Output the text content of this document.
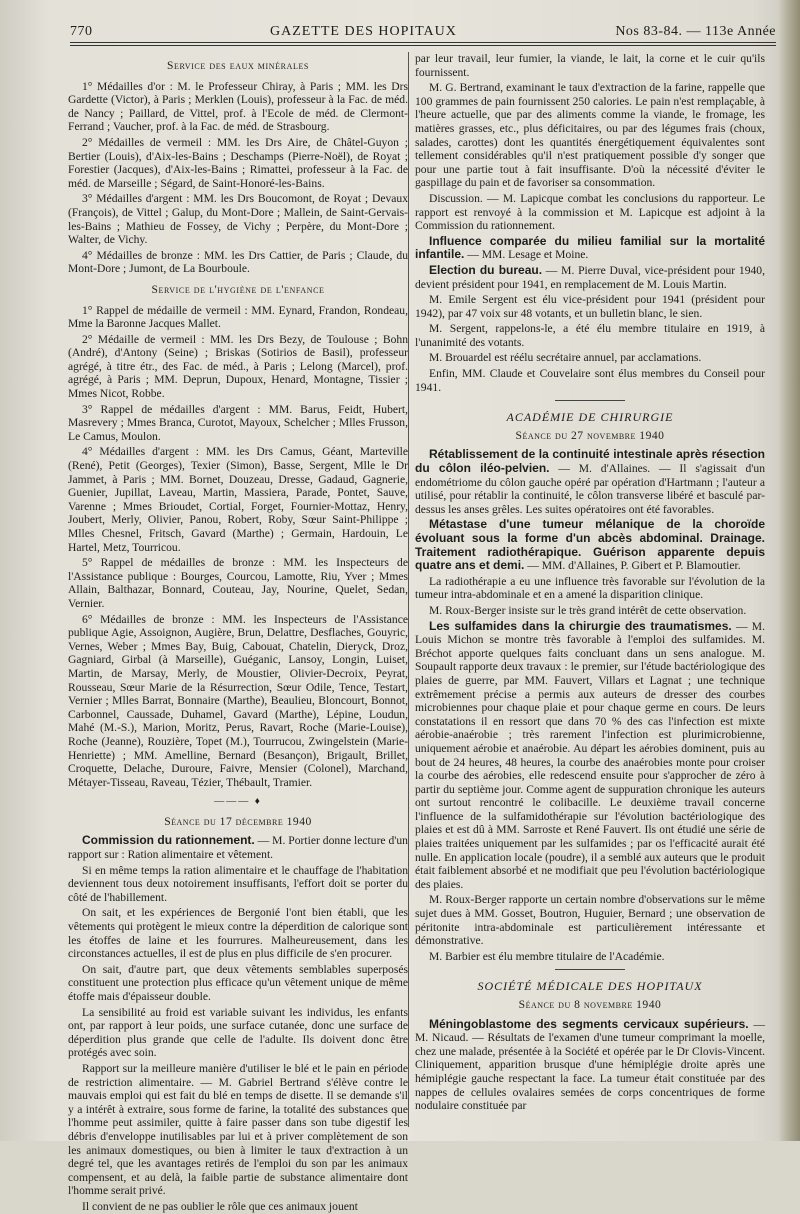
770	GAZETTE DES HOPITAUX	Nos 83-84. — 113e Année
Service des eaux minérales

1° Médailles d'or : M. le Professeur Chiray, à Paris ; MM. les Drs Gardette (Victor), à Paris ; Merklen (Louis), professeur à la Fac. de méd. de Nancy ; Paillard, de Vittel, prof. à l'Ecole de méd. de Clermont-Ferrand ; Vaucher, prof. à la Fac. de méd. de Strasbourg.

2° Médailles de vermeil : MM. les Drs Aire, de Châtel-Guyon ; Bertier (Louis), d'Aix-les-Bains ; Deschamps (Pierre-Noël), de Royat ; Forestier (Jacques), d'Aix-les-Bains ; Rimattei, professeur à la Fac. de méd. de Marseille ; Ségard, de Saint-Honoré-les-Bains.

3° Médailles d'argent : MM. les Drs Boucomont, de Royat ; Devaux (François), de Vittel ; Galup, du Mont-Dore ; Mallein, de Saint-Gervais-les-Bains ; Mathieu de Fossey, de Vichy ; Perpère, du Mont-Dore ; Walter, de Vichy.

4° Médailles de bronze : MM. les Drs Cattier, de Paris ; Claude, du Mont-Dore ; Jumont, de La Bourboule.

Service de l'hygiène de l'enfance

1° Rappel de médaille de vermeil : MM. Eynard, Frandon, Rondeau, Mme la Baronne Jacques Mallet.

2° Médaille de vermeil : MM. les Drs Bezy, de Toulouse ; Bohn (André), d'Antony (Seine) ; Briskas (Sotirios de Basil), professeur agrégé, à titre étr., des Fac. de méd., à Paris ; Lelong (Marcel), prof. agrégé, à Paris ; MM. Deprun, Dupoux, Henard, Montagne, Tissier ; Mmes Nicot, Robbe.

3° Rappel de médailles d'argent : MM. Barus, Feidt, Hubert, Masrevery ; Mmes Branca, Curotot, Mayoux, Schelcher ; Mlles Frusson, Le Camus, Moulon.

4° Médailles d'argent : MM. les Drs Camus, Géant, Marteville (René), Petit (Georges), Texier (Simon), Basse, Sergent, Mlle le Dr Jammet, à Paris ; MM. Bornet, Douzeau, Dresse, Gadaud, Gagnerie, Guenier, Jupillat, Laveau, Martin, Massiera, Parade, Pontet, Sauve, Varenne ; Mmes Brioudet, Cortial, Forget, Fournier-Mottaz, Henry, Joubert, Merly, Olivier, Panou, Robert, Roby, Sœur Saint-Philippe ; Mlles Chesnel, Fritsch, Gavard (Marthe) ; Germain, Hardouin, Le Hartel, Metz, Tourricou.

5° Rappel de médailles de bronze : MM. les Inspecteurs de l'Assistance publique : Bourges, Courcou, Lamotte, Riu, Yver ; Mmes Allain, Balthazar, Bonnard, Couteau, Jay, Nourine, Quelet, Sedan, Vernier.

6° Médailles de bronze : MM. les Inspecteurs de l'Assistance publique Agie, Assoignon, Augière, Brun, Delattre, Desflaches, Gouyric, Vernes, Weber ; Mmes Bay, Buig, Cabouat, Chatelin, Dieryck, Droz, Gagniard, Girbal (à Marseille), Guéganic, Lansoy, Longin, Luiset, Martin, de Marsay, Merly, de Moustier, Olivier-Decroix, Peyrat, Rousseau, Sœur Marie de la Résurrection, Sœur Odile, Tence, Testart, Vernier ; Mlles Barrat, Bonnaire (Marthe), Beaulieu, Bloncourt, Bonnot, Carbonnel, Caussade, Duhamel, Gavard (Marthe), Lépine, Loudun, Mahé (M.-S.), Marion, Moritz, Perus, Ravart, Roche (Marie-Louise), Roche (Jeanne), Rouzière, Topet (M.), Tourrucou, Zwingelstein (Marie-Henriette) ; MM. Amelline, Bernard (Besançon), Brigault, Brillet, Croquette, Delache, Duroure, Faivre, Mensier (Colonel), Marchand, Métayer-Tisseau, Raveau, Tézier, Thébault, Tramier.

——— ♦
Séance du 17 décembre 1940

Commission du rationnement. — M. Portier donne lecture d'un rapport sur : Ration alimentaire et vêtement.

Si en même temps la ration alimentaire et le chauffage de l'habitation deviennent tous deux notoirement insuffisants, l'effort doit se porter du côté de l'habillement.

On sait, et les expériences de Bergonié l'ont bien établi, que les vêtements qui protègent le mieux contre la déperdition de calorique sont les étoffes de laine et les fourrures. Malheureusement, dans les circonstances actuelles, il est de plus en plus difficile de s'en procurer.

On sait, d'autre part, que deux vêtements semblables superposés constituent une protection plus efficace qu'un vêtement unique de même étoffe mais d'épaisseur double.

La sensibilité au froid est variable suivant les individus, les enfants ont, par rapport à leur poids, une surface cutanée, donc une surface de déperdition plus grande que celle de l'adulte. Ils doivent donc être protégés avec soin.

Rapport sur la meilleure manière d'utiliser le blé et le pain en période de restriction alimentaire. — M. Gabriel Bertrand s'élève contre le mauvais emploi qui est fait du blé en temps de disette. Il se demande s'il y a intérêt à extraire, sous forme de farine, la totalité des substances que l'homme peut assimiler, quitte à faire passer dans son tube digestif les débris d'enveloppe inutilisables par lui et à priver complètement de son les animaux domestiques, ou bien à limiter le taux d'extraction à un degré tel, que les avantages retirés de l'emploi du son par les animaux compensent, et au delà, la faible partie de substance alimentaire dont l'homme serait privé.

Il convient de ne pas oublier le rôle que ces animaux jouent

par leur travail, leur fumier, la viande, le lait, la corne et le cuir qu'ils fournissent.

M. G. Bertrand, examinant le taux d'extraction de la farine, rappelle que 100 grammes de pain fournissent 250 calories. Le pain n'est remplaçable, à l'heure actuelle, que par des aliments comme la viande, le fromage, les matières grasses, etc., plus déficitaires, ou par des légumes frais (choux, salades, carottes) dont les quantités énergétiquement équivalentes sont tellement considérables qu'il n'est pratiquement possible d'y songer que pour une partie tout à fait insuffisante. D'où la nécessité d'éviter le gaspillage du pain et de favoriser sa consommation.

Discussion. — M. Lapicque combat les conclusions du rapporteur. Le rapport est renvoyé à la commission et M. Lapicque est adjoint à la Commission du rationnement.

Influence comparée du milieu familial sur la mortalité infantile. — MM. Lesage et Moine.

Election du bureau. — M. Pierre Duval, vice-président pour 1940, devient président pour 1941, en remplacement de M. Louis Martin.

M. Emile Sergent est élu vice-président pour 1941 (président pour 1942), par 47 voix sur 48 votants, et un bulletin blanc, le sien.

M. Sergent, rappelons-le, a été élu membre titulaire en 1919, à l'unanimité des votants.

M. Brouardel est réélu secrétaire annuel, par acclamations.

Enfin, MM. Claude et Couvelaire sont élus membres du Conseil pour 1941.

ACADÉMIE DE CHIRURGIE
Séance du 27 novembre 1940

Rétablissement de la continuité intestinale après résection du côlon iléo-pelvien. — M. d'Allaines. — Il s'agissait d'un endométriome du côlon gauche opéré par opération d'Hartmann ; l'auteur a utilisé, pour rétablir la continuité, le côlon transverse libéré et basculé par-dessus les anses grêles. Les suites opératoires ont été favorables.

Métastase d'une tumeur mélanique de la choroïde évoluant sous la forme d'un abcès abdominal. Drainage. Traitement radiothérapique. Guérison apparente depuis quatre ans et demi. — MM. d'Allaines, P. Gibert et P. Blamoutier.

La radiothérapie a eu une influence très favorable sur l'évolution de la tumeur intra-abdominale et en a amené la disparition clinique.

M. Roux-Berger insiste sur le très grand intérêt de cette observation.

Les sulfamides dans la chirurgie des traumatismes. — M. Louis Michon se montre très favorable à l'emploi des sulfamides. M. Bréchot apporte quelques faits concluant dans un sens analogue. M. Soupault rapporte deux travaux : le premier, sur l'étude bactériologique des plaies de guerre, par MM. Fauvert, Villars et Lagnat ; une technique extrêmement précise a permis aux auteurs de dresser des courbes microbiennes pour chaque plaie et pour chaque germe en cours. De leurs constatations il en ressort que dans 70 % des cas l'infection est mixte aérobie-anaérobie ; très rarement l'infection est plurimicrobienne, uniquement aérobie et anaérobie. Au départ les aérobies dominent, puis au bout de 24 heures, 48 heures, la courbe des anaérobies monte pour croiser la courbe des aérobies, elle redescend ensuite pour s'approcher de zéro à partir du septième jour. Comme agent de suppuration chronique les auteurs ont surtout rencontré le colibacille. Le deuxième travail concerne l'influence de la sulfamidothérapie sur l'évolution bactériologique des plaies et est dû à MM. Sarroste et René Fauvert. Ils ont étudié une série de plaies traitées uniquement par les sulfamides ; par os l'efficacité aurait été nulle. En application locale (poudre), il a semblé aux auteurs que le produit était faiblement absorbé et ne modifiait que peu l'évolution bactériologique des plaies.

M. Roux-Berger rapporte un certain nombre d'observations sur le même sujet dues à MM. Gosset, Boutron, Huguier, Bernard ; une observation de péritonite intra-abdominale est particulièrement intéressante et démonstrative.

M. Barbier est élu membre titulaire de l'Académie.

SOCIÉTÉ MÉDICALE DES HOPITAUX
Séance du 8 novembre 1940

Méningoblastome des segments cervicaux supérieurs. — M. Nicaud. — Résultats de l'examen d'une tumeur comprimant la moelle, chez une malade, présentée à la Société et opérée par le Dr Clovis-Vincent. Cliniquement, apparition brusque d'une hémiplégie droite après une hémiplégie gauche respectant la face. La tumeur était constituée par des nappes de cellules ovalaires semées de corps concentriques de forme nodulaire constituée par
